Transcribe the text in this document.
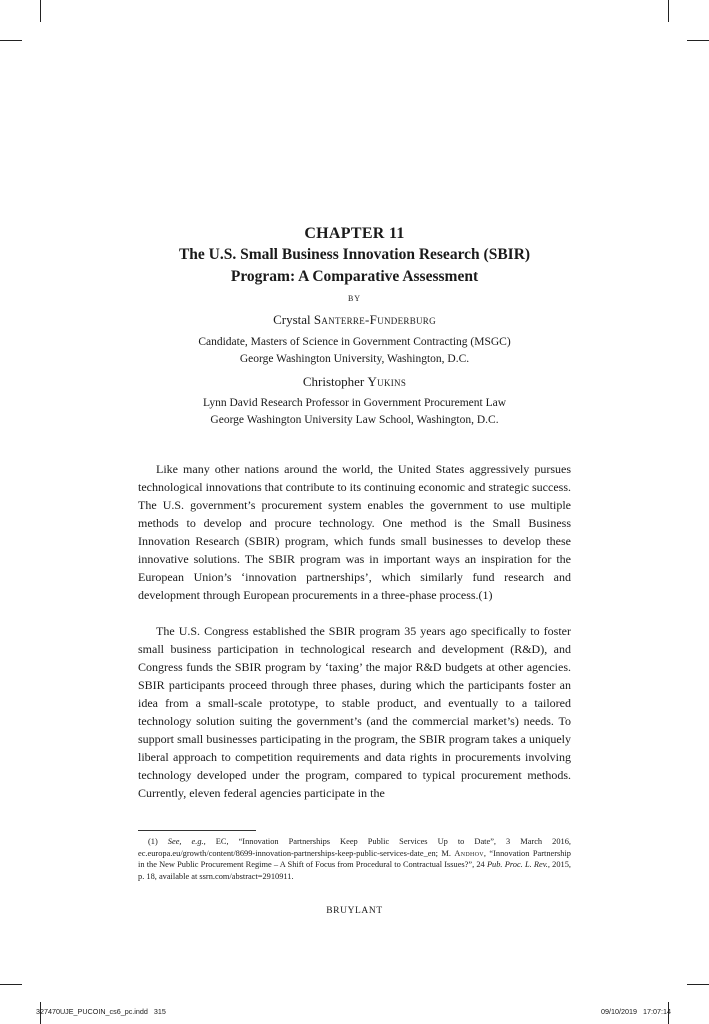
CHAPTER 11
The U.S. Small Business Innovation Research (SBIR)
Program: A Comparative Assessment
BY
Crystal Santerre-Funderburg
Candidate, Masters of Science in Government Contracting (MSGC)
George Washington University, Washington, D.C.
Christopher Yukins
Lynn David Research Professor in Government Procurement Law
George Washington University Law School, Washington, D.C.

Like many other nations around the world, the United States aggressively pursues technological innovations that contribute to its continuing economic and strategic success. The U.S. government’s procurement system enables the government to use multiple methods to develop and procure technology. One method is the Small Business Innovation Research (SBIR) program, which funds small businesses to develop these innovative solutions. The SBIR program was in important ways an inspiration for the European Union’s ‘innovation partnerships’, which similarly fund research and development through European procurements in a three-phase process.(1)

The U.S. Congress established the SBIR program 35 years ago specifically to foster small business participation in technological research and development (R&D), and Congress funds the SBIR program by ‘taxing’ the major R&D budgets at other agencies. SBIR participants proceed through three phases, during which the participants foster an idea from a small-scale prototype, to stable product, and eventually to a tailored technology solution suiting the government’s (and the commercial market’s) needs. To support small businesses participating in the program, the SBIR program takes a uniquely liberal approach to competition requirements and data rights in procurements involving technology developed under the program, compared to typical procurement methods. Currently, eleven federal agencies participate in the

(1) See, e.g., EC, “Innovation Partnerships Keep Public Services Up to Date”, 3 March 2016, ec.europa.eu/growth/content/8699-innovation-partnerships-keep-public-services-date_en; M. Andhov, “Innovation Partnership in the New Public Procurement Regime – A Shift of Focus from Procedural to Contractual Issues?”, 24 Pub. Proc. L. Rev., 2015, p. 18, available at ssrn.com/abstract=2910911.

BRUYLANT
327470UJE_PUCOIN_cs6_pc.indd   315	09/10/2019   17:07:14
